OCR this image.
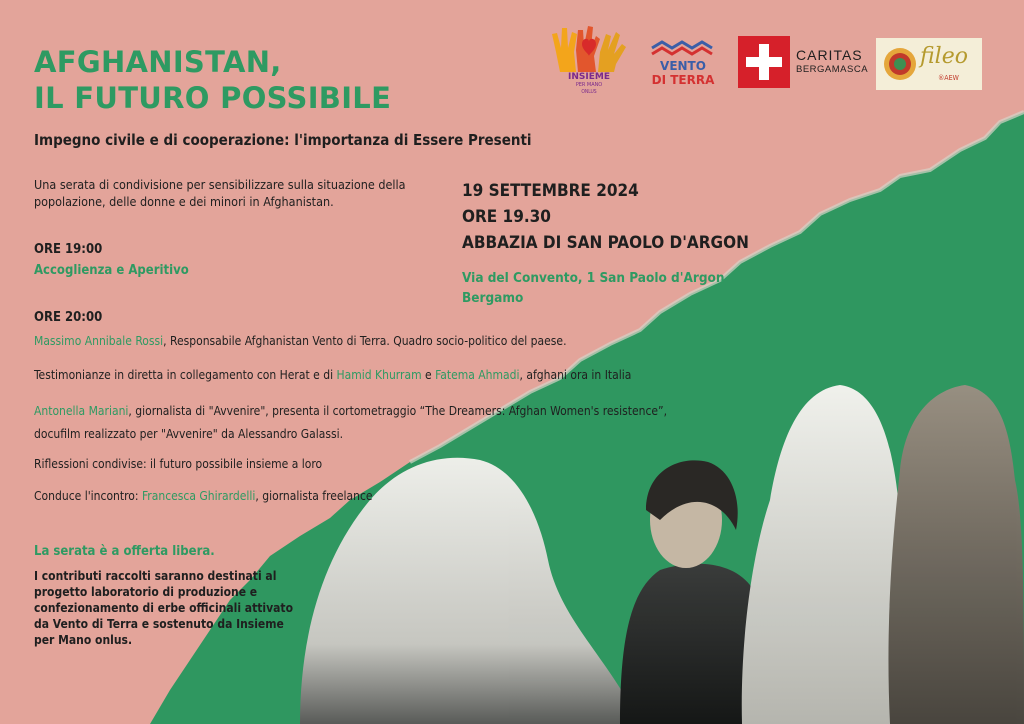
INSIEME
PER MANO
ONLUS
VENTO
DI TERRA
CARITAS
BERGAMASCA
fileo
®AEW
AFGHANISTAN,
IL FUTURO POSSIBILE
Impegno civile e di cooperazione: l'importanza di Essere Presenti
Una serata di condivisione per sensibilizzare sulla situazione della popolazione, delle donne e dei minori in Afghanistan.
19 SETTEMBRE 2024
ORE 19.30
ABBAZIA DI SAN PAOLO D'ARGON
Via del Convento, 1 San Paolo d'Argon
Bergamo
ORE 19:00
Accoglienza e Aperitivo
ORE 20:00
Massimo Annibale Rossi, Responsabile Afghanistan Vento di Terra. Quadro socio-politico del paese.
Testimonianze in diretta in collegamento con Herat e di Hamid Khurram e Fatema Ahmadi, afghani ora in Italia
Antonella Mariani, giornalista di "Avvenire", presenta il cortometraggio “The Dreamers: Afghan Women's resistence”,
docufilm realizzato per "Avvenire" da Alessandro Galassi.
Riflessioni condivise: il futuro possibile insieme a loro
Conduce l'incontro: Francesca Ghirardelli, giornalista freelance
La serata è a offerta libera.
I contributi raccolti saranno destinati al
progetto laboratorio di produzione e
confezionamento di erbe officinali attivato
da Vento di Terra e sostenuto da Insieme
per Mano onlus.
